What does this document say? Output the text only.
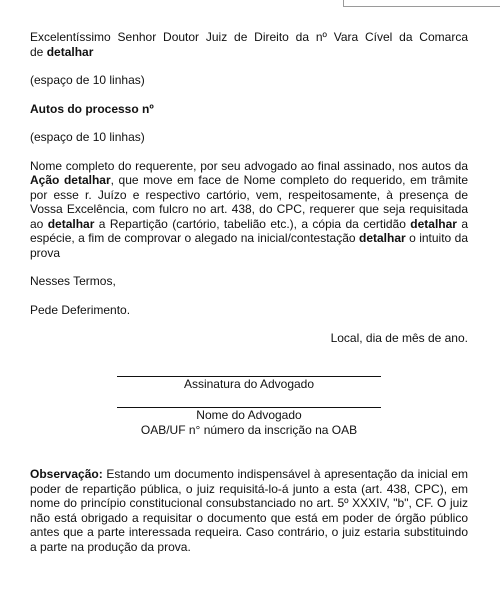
Excelentíssimo Senhor Doutor Juiz de Direito da nº Vara Cível da Comarca

de detalhar

(espaço de 10 linhas)

Autos do processo nº

(espaço de 10 linhas)

Nome completo do requerente, por seu advogado ao final assinado, nos autos da Ação detalhar, que move em face de Nome completo do requerido, em trâmite por esse r. Juízo e respectivo cartório, vem, respeitosamente, à presença de Vossa Excelência, com fulcro no art. 438, do CPC, requerer que seja requisitada ao detalhar a Repartição (cartório, tabelião etc.), a cópia da certidão detalhar a espécie, a fim de comprovar o alegado na inicial/contestação detalhar o intuito da prova

Nesses Termos,

Pede Deferimento.

Local, dia de mês de ano.

Assinatura do Advogado

Nome do Advogado

OAB/UF n° número da inscrição na OAB

Observação: Estando um documento indispensável à apresentação da inicial em poder de repartição pública, o juiz requisitá-lo-á junto a esta (art. 438, CPC), em nome do princípio constitucional consubstanciado no art. 5º XXXIV, "b", CF. O juiz não está obrigado a requisitar o documento que está em poder de órgão público antes que a parte interessada requeira. Caso contrário, o juiz estaria substituindo a parte na produção da prova.
